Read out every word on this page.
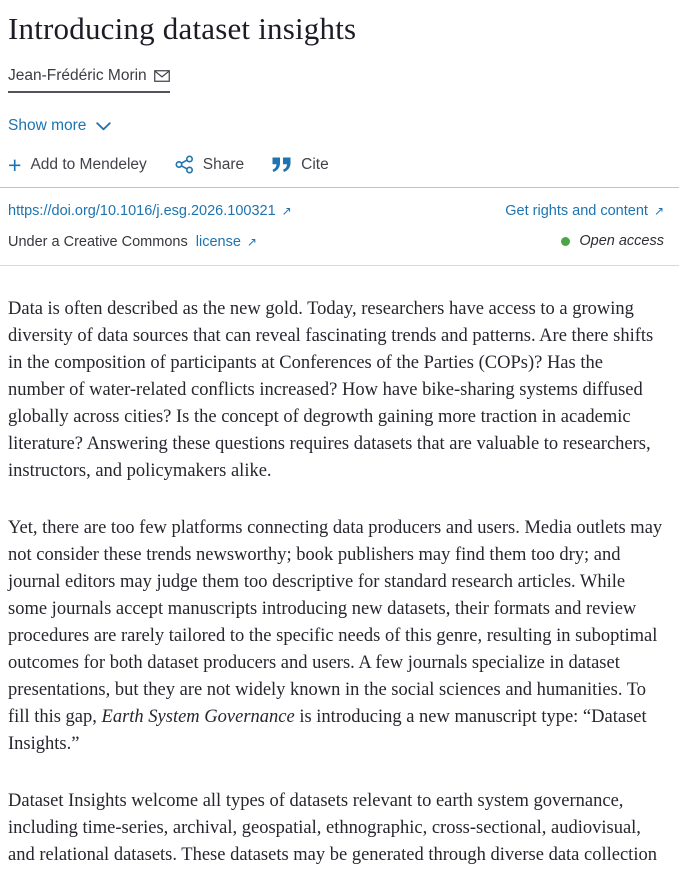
Introducing dataset insights
Jean-Frédéric Morin
Show more
+ Add to Mendeley	Share	Cite
https://doi.org/10.1016/j.esg.2026.100321 ↗	Get rights and content ↗
Under a Creative Commons license ↗	Open access

Data is often described as the new gold. Today, researchers have access to a growing diversity of data sources that can reveal fascinating trends and patterns. Are there shifts in the composition of participants at Conferences of the Parties (COPs)? Has the number of water-related conflicts increased? How have bike-sharing systems diffused globally across cities? Is the concept of degrowth gaining more traction in academic literature? Answering these questions requires datasets that are valuable to researchers, instructors, and policymakers alike.

Yet, there are too few platforms connecting data producers and users. Media outlets may not consider these trends newsworthy; book publishers may find them too dry; and journal editors may judge them too descriptive for standard research articles. While some journals accept manuscripts introducing new datasets, their formats and review procedures are rarely tailored to the specific needs of this genre, resulting in suboptimal outcomes for both dataset producers and users. A few journals specialize in dataset presentations, but they are not widely known in the social sciences and humanities. To fill this gap, Earth System Governance is introducing a new manuscript type: “Dataset Insights.”

Dataset Insights welcome all types of datasets relevant to earth system governance, including time-series, archival, geospatial, ethnographic, cross-sectional, audiovisual, and relational datasets. These datasets may be generated through diverse data collection
